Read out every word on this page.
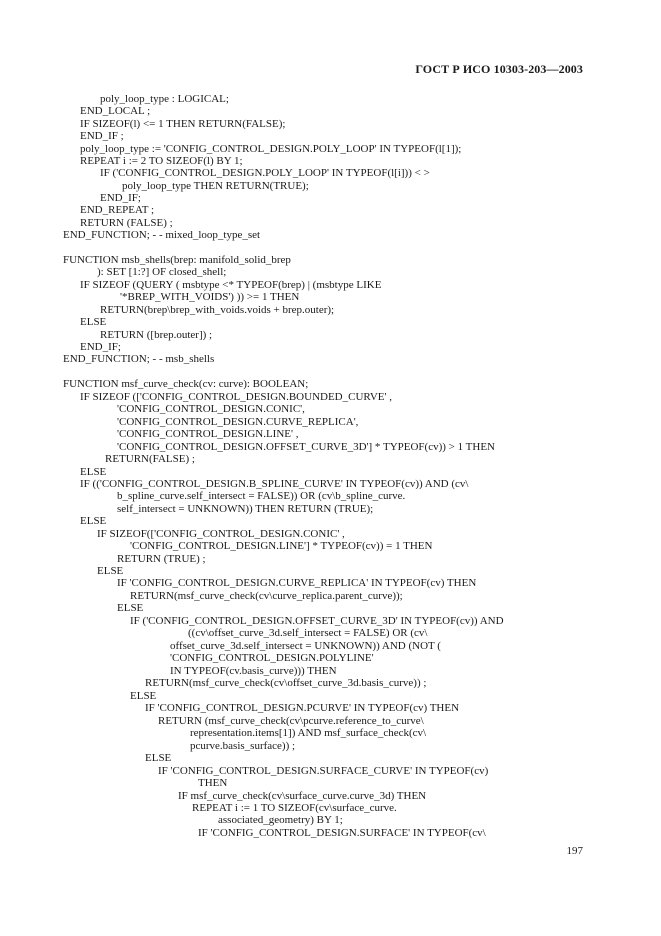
ГОСТ Р ИСО 10303-203—2003
poly_loop_type : LOGICAL;
END_LOCAL ;
IF SIZEOF(l) <= 1 THEN RETURN(FALSE);
END_IF ;
poly_loop_type := 'CONFIG_CONTROL_DESIGN.POLY_LOOP' IN TYPEOF(l[1]);
REPEAT i := 2 TO SIZEOF(l) BY 1;
IF ('CONFIG_CONTROL_DESIGN.POLY_LOOP' IN TYPEOF(l[i])) < >
poly_loop_type THEN RETURN(TRUE);
END_IF;
END_REPEAT ;
RETURN (FALSE) ;
END_FUNCTION; - - mixed_loop_type_set
FUNCTION msb_shells(brep: manifold_solid_brep
): SET [1:?] OF closed_shell;
IF SIZEOF (QUERY ( msbtype <* TYPEOF(brep) | (msbtype LIKE
'*BREP_WITH_VOIDS') )) >= 1 THEN
RETURN(brep\brep_with_voids.voids + brep.outer);
ELSE
RETURN ([brep.outer]) ;
END_IF;
END_FUNCTION; - - msb_shells
FUNCTION msf_curve_check(cv: curve): BOOLEAN;
IF SIZEOF (['CONFIG_CONTROL_DESIGN.BOUNDED_CURVE' ,
'CONFIG_CONTROL_DESIGN.CONIC',
'CONFIG_CONTROL_DESIGN.CURVE_REPLICA',
'CONFIG_CONTROL_DESIGN.LINE' ,
'CONFIG_CONTROL_DESIGN.OFFSET_CURVE_3D'] * TYPEOF(cv)) > 1 THEN
RETURN(FALSE) ;
ELSE
IF (('CONFIG_CONTROL_DESIGN.B_SPLINE_CURVE' IN TYPEOF(cv)) AND (cv\
b_spline_curve.self_intersect = FALSE)) OR (cv\b_spline_curve.
self_intersect = UNKNOWN)) THEN RETURN (TRUE);
ELSE
IF SIZEOF(['CONFIG_CONTROL_DESIGN.CONIC' ,
'CONFIG_CONTROL_DESIGN.LINE'] * TYPEOF(cv)) = 1 THEN
RETURN (TRUE) ;
ELSE
IF 'CONFIG_CONTROL_DESIGN.CURVE_REPLICA' IN TYPEOF(cv) THEN
RETURN(msf_curve_check(cv\curve_replica.parent_curve));
ELSE
IF ('CONFIG_CONTROL_DESIGN.OFFSET_CURVE_3D' IN TYPEOF(cv)) AND
((cv\offset_curve_3d.self_intersect = FALSE) OR (cv\
offset_curve_3d.self_intersect = UNKNOWN)) AND (NOT (
'CONFIG_CONTROL_DESIGN.POLYLINE'
IN TYPEOF(cv.basis_curve))) THEN
RETURN(msf_curve_check(cv\offset_curve_3d.basis_curve)) ;
ELSE
IF 'CONFIG_CONTROL_DESIGN.PCURVE' IN TYPEOF(cv) THEN
RETURN (msf_curve_check(cv\pcurve.reference_to_curve\
representation.items[1]) AND msf_surface_check(cv\
pcurve.basis_surface)) ;
ELSE
IF 'CONFIG_CONTROL_DESIGN.SURFACE_CURVE' IN TYPEOF(cv)
THEN
IF msf_curve_check(cv\surface_curve.curve_3d) THEN
REPEAT i := 1 TO SIZEOF(cv\surface_curve.
associated_geometry) BY 1;
IF 'CONFIG_CONTROL_DESIGN.SURFACE' IN TYPEOF(cv\
197
